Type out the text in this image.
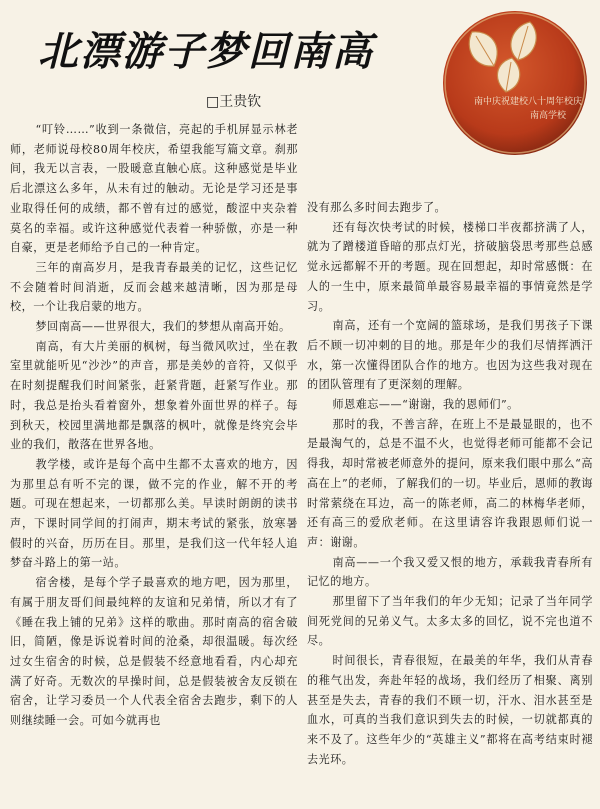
北漂游子梦回南高
□王贵钦	南中庆祝建校八十周年校庆
南高学校

“叮铃……”收到一条微信，亮起的手机屏显示林老师，老师说母校80周年校庆，希望我能写篇文章。刹那间，我无以言表，一股暖意直触心底。这种感觉是毕业后北漂这么多年，从未有过的触动。无论是学习还是事业取得任何的成绩，都不曾有过的感觉，酸涩中夹杂着莫名的幸福。或许这种感觉代表着一种骄傲，亦是一种自豪，更是老师给予自己的一种肯定。

三年的南高岁月，是我青春最美的记忆，这些记忆不会随着时间消逝，反而会越来越清晰，因为那是母校，一个让我启蒙的地方。

梦回南高——世界很大，我们的梦想从南高开始。

南高，有大片美丽的枫树，每当微风吹过，坐在教室里就能听见“沙沙”的声音，那是美妙的音符，又似乎在时刻提醒我们时间紧张，赶紧背题，赶紧写作业。那时，我总是抬头看着窗外，想象着外面世界的样子。每到秋天，校园里满地都是飘落的枫叶，就像是终究会毕业的我们，散落在世界各地。

教学楼，或许是每个高中生都不太喜欢的地方，因为那里总有听不完的课，做不完的作业，解不开的考题。可现在想起来，一切都那么美。早读时朗朗的读书声，下课时同学间的打闹声，期末考试的紧张，放寒暑假时的兴奋，历历在目。那里，是我们这一代年轻人追梦奋斗路上的第一站。

宿舍楼，是每个学子最喜欢的地方吧，因为那里，有属于朋友哥们间最纯粹的友谊和兄弟情，所以才有了《睡在我上铺的兄弟》这样的歌曲。那时南高的宿舍破旧，简陋，像是诉说着时间的沧桑，却很温暖。每次经过女生宿舍的时候，总是假装不经意地看看，内心却充满了好奇。无数次的早操时间，总是假装被舍友反锁在宿舍，让学习委员一个人代表全宿舍去跑步，剩下的人则继续睡一会。可如今就再也

没有那么多时间去跑步了。

还有每次快考试的时候，楼梯口半夜都挤满了人，就为了蹭楼道昏暗的那点灯光，挤破脑袋思考那些总感觉永远都解不开的考题。现在回想起，却时常感慨：在人的一生中，原来最简单最容易最幸福的事情竟然是学习。

南高，还有一个宽阔的篮球场，是我们男孩子下课后不顾一切冲刺的目的地。那是年少的我们尽情挥洒汗水，第一次懂得团队合作的地方。也因为这些我对现在的团队管理有了更深刻的理解。

师恩难忘——“谢谢，我的恩师们”。

那时的我，不善言辞，在班上不是最显眼的，也不是最淘气的，总是不温不火，也觉得老师可能都不会记得我，却时常被老师意外的提问，原来我们眼中那么“高高在上”的老师，了解我们的一切。毕业后，恩师的教诲时常萦绕在耳边，高一的陈老师，高二的林梅华老师，还有高三的爱欣老师。在这里请容许我跟恩师们说一声：谢谢。

南高——一个我又爱又恨的地方，承载我青春所有记忆的地方。

那里留下了当年我们的年少无知；记录了当年同学间死党间的兄弟义气。太多太多的回忆，说不完也道不尽。

时间很长，青春很短，在最美的年华，我们从青春的稚气出发，奔赴年轻的战场，我们经历了相聚、离别甚至是失去，青春的我们不顾一切，汗水、泪水甚至是血水，可真的当我们意识到失去的时候，一切就都真的来不及了。这些年少的“英雄主义”都将在高考结束时褪去光环。
